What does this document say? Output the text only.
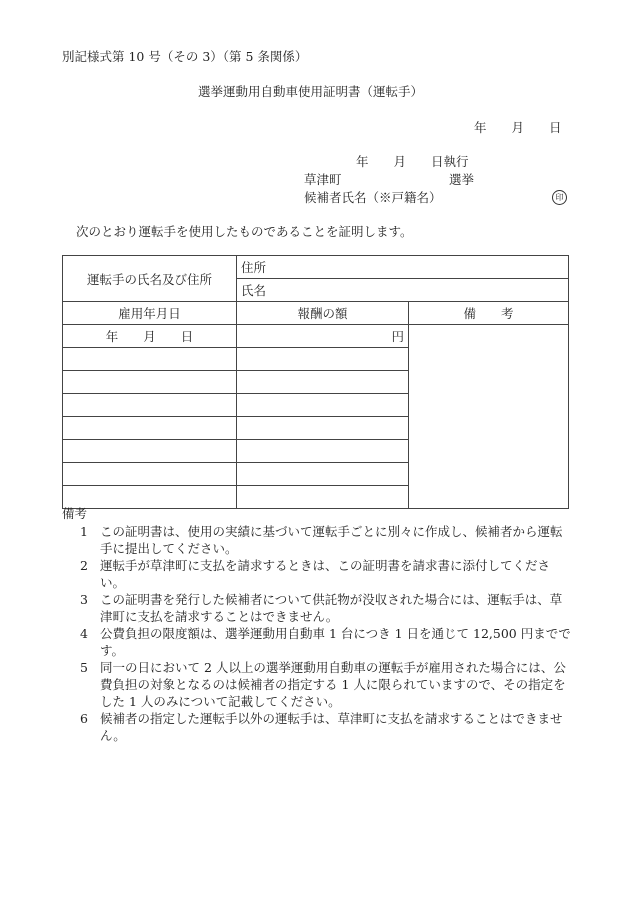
別記様式第 10 号（その 3）（第 5 条関係）
選挙運動用自動車使用証明書（運転手）
年　　月　　日
年　　月　　日執行
草津町	選挙
候補者氏名（※戸籍名）	印
次のとおり運転手を使用したものであることを証明します。
運転手の氏名及び住所	住所	
	氏名	
雇用年月日	報酬の額	備　　考
年　　月　　日	円	

備考
1 この証明書は、使用の実績に基づいて運転手ごとに別々に作成し、候補者から運転手に提出してください。
2 運転手が草津町に支払を請求するときは、この証明書を請求書に添付してください。
3 この証明書を発行した候補者について供託物が没収された場合には、運転手は、草津町に支払を請求することはできません。
4 公費負担の限度額は、選挙運動用自動車 1 台につき 1 日を通じて 12,500 円までです。
5 同一の日において 2 人以上の選挙運動用自動車の運転手が雇用された場合には、公費負担の対象となるのは候補者の指定する 1 人に限られていますので、その指定をした 1 人のみについて記載してください。
6 候補者の指定した運転手以外の運転手は、草津町に支払を請求することはできません。
